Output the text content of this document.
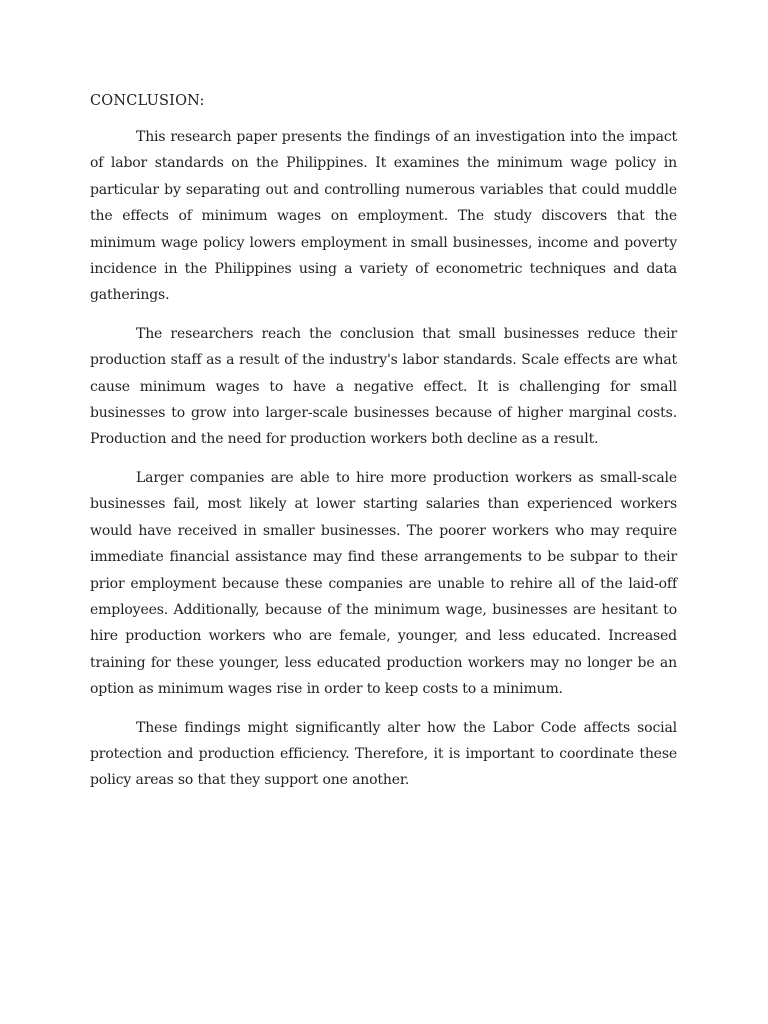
CONCLUSION:

This research paper presents the findings of an investigation into the impact of labor standards on the Philippines. It examines the minimum wage policy in particular by separating out and controlling numerous variables that could muddle the effects of minimum wages on employment. The study discovers that the minimum wage policy lowers employment in small businesses, income and poverty incidence in the Philippines using a variety of econometric techniques and data gatherings.

The researchers reach the conclusion that small businesses reduce their production staff as a result of the industry's labor standards. Scale effects are what cause minimum wages to have a negative effect. It is challenging for small businesses to grow into larger-scale businesses because of higher marginal costs. Production and the need for production workers both decline as a result.

Larger companies are able to hire more production workers as small-scale businesses fail, most likely at lower starting salaries than experienced workers would have received in smaller businesses. The poorer workers who may require immediate financial assistance may find these arrangements to be subpar to their prior employment because these companies are unable to rehire all of the laid-off employees. Additionally, because of the minimum wage, businesses are hesitant to hire production workers who are female, younger, and less educated. Increased training for these younger, less educated production workers may no longer be an option as minimum wages rise in order to keep costs to a minimum.

These findings might significantly alter how the Labor Code affects social protection and production efficiency. Therefore, it is important to coordinate these policy areas so that they support one another.
